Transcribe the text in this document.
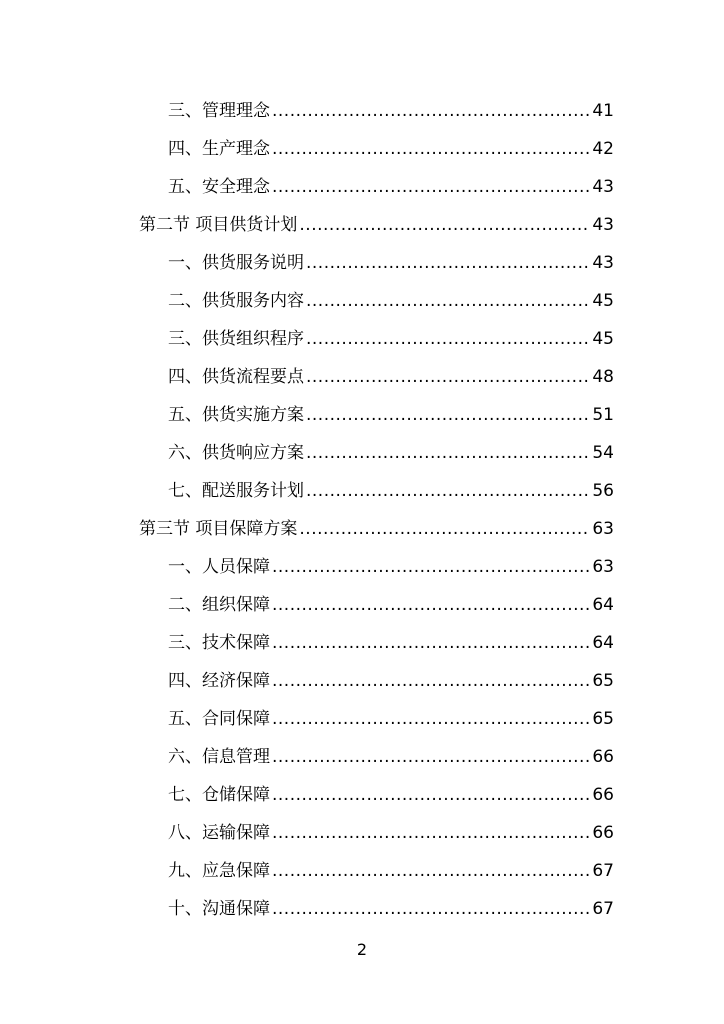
三、管理理念 .....	41
四、生产理念 .....	42
五、安全理念 .....	43
第二节 项目供货计划 .....	43
一、供货服务说明 .....	43
二、供货服务内容 .....	45
三、供货组织程序 .....	45
四、供货流程要点 .....	48
五、供货实施方案 .....	51
六、供货响应方案 .....	54
七、配送服务计划 .....	56
第三节 项目保障方案 .....	63
一、人员保障 .....	63
二、组织保障 .....	64
三、技术保障 .....	64
四、经济保障 .....	65
五、合同保障 .....	65
六、信息管理 .....	66
七、仓储保障 .....	66
八、运输保障 .....	66
九、应急保障 .....	67
十、沟通保障 .....	67
2
